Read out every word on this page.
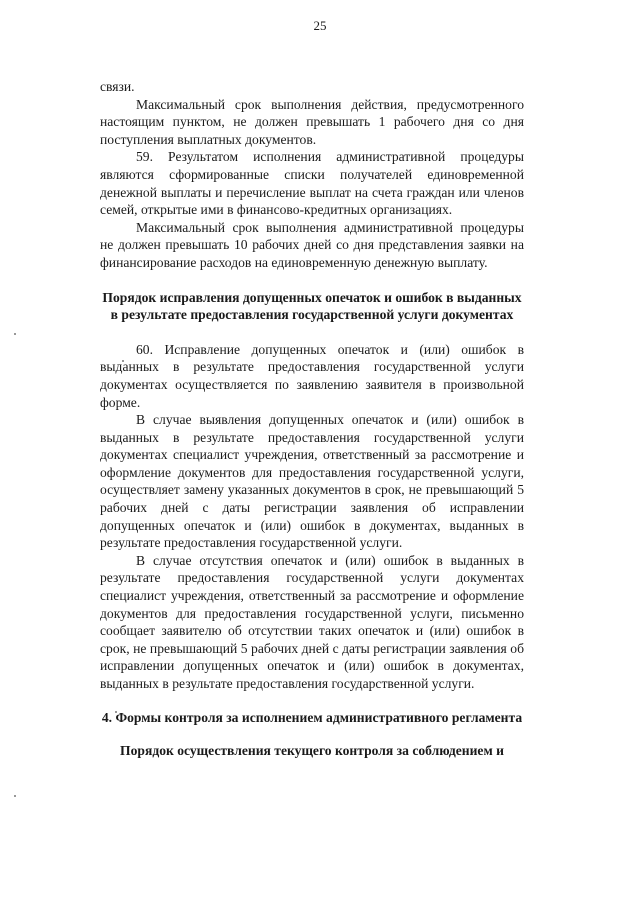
25

связи.

Максимальный срок выполнения действия, предусмотренного настоящим пунктом, не должен превышать 1 рабочего дня со дня поступления выплатных документов.

59. Результатом исполнения административной процедуры являются сформированные списки получателей единовременной денежной выплаты и перечисление выплат на счета граждан или членов семей, открытые ими в финансово-кредитных организациях.

Максимальный срок выполнения административной процедуры не должен превышать 10 рабочих дней со дня представления заявки на финансирование расходов на единовременную денежную выплату.

Порядок исправления допущенных опечаток и ошибок в выданных в результате предоставления государственной услуги документах

60. Исправление допущенных опечаток и (или) ошибок в выданных в результате предоставления государственной услуги документах осуществляется по заявлению заявителя в произвольной форме.

В случае выявления допущенных опечаток и (или) ошибок в выданных в результате предоставления государственной услуги документах специалист учреждения, ответственный за рассмотрение и оформление документов для предоставления государственной услуги, осуществляет замену указанных документов в срок, не превышающий 5 рабочих дней с даты регистрации заявления об исправлении допущенных опечаток и (или) ошибок в документах, выданных в результате предоставления государственной услуги.

В случае отсутствия опечаток и (или) ошибок в выданных в результате предоставления государственной услуги документах специалист учреждения, ответственный за рассмотрение и оформление документов для предоставления государственной услуги, письменно сообщает заявителю об отсутствии таких опечаток и (или) ошибок в срок, не превышающий 5 рабочих дней с даты регистрации заявления об исправлении допущенных опечаток и (или) ошибок в документах, выданных в результате предоставления государственной услуги.

4. Формы контроля за исполнением административного регламента

Порядок осуществления текущего контроля за соблюдением и
